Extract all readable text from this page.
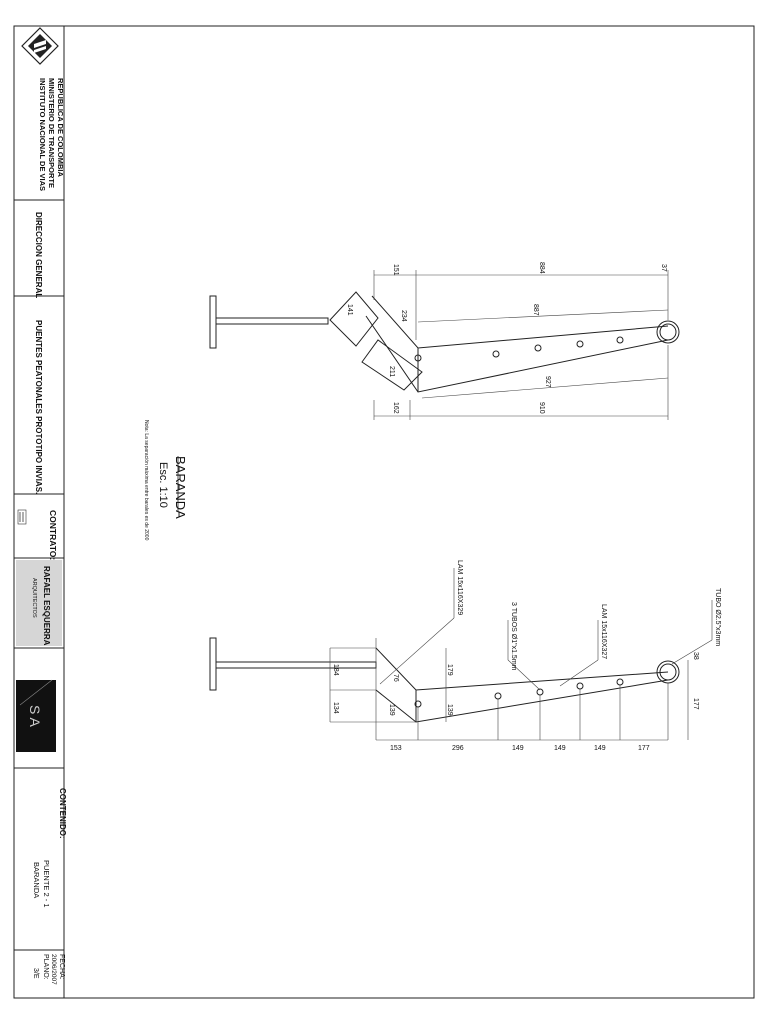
REPUBLICA DE COLOMBIA
MINISTERIO DE TRANSPORTE
INSTITUTO NACIONAL DE VIAS
DIRECCION GENERAL
PUENTES PEATONALES PROTOTIPO INVIAS.
CONTRATO:
RAFAEL ESQUERRA
ARQUITECTOS
S A
CONTENIDO:
PUENTE 2 - 1
BARANDA
FECHA:
2006/2007
PLANO:
3/E
BARANDA
Esc. 1:10
Nota: La separación máxima entre barales es de 2000
151	884	37
141
234
887
211
927
162	910
TUBO Ø2.5"x3mm
LAM 15x116X327
3 TUBOS Ø1"x1.5mm
LAM 15x116X329
184
134
76
179
139	139
38
177
153	296	149	149	149	177
